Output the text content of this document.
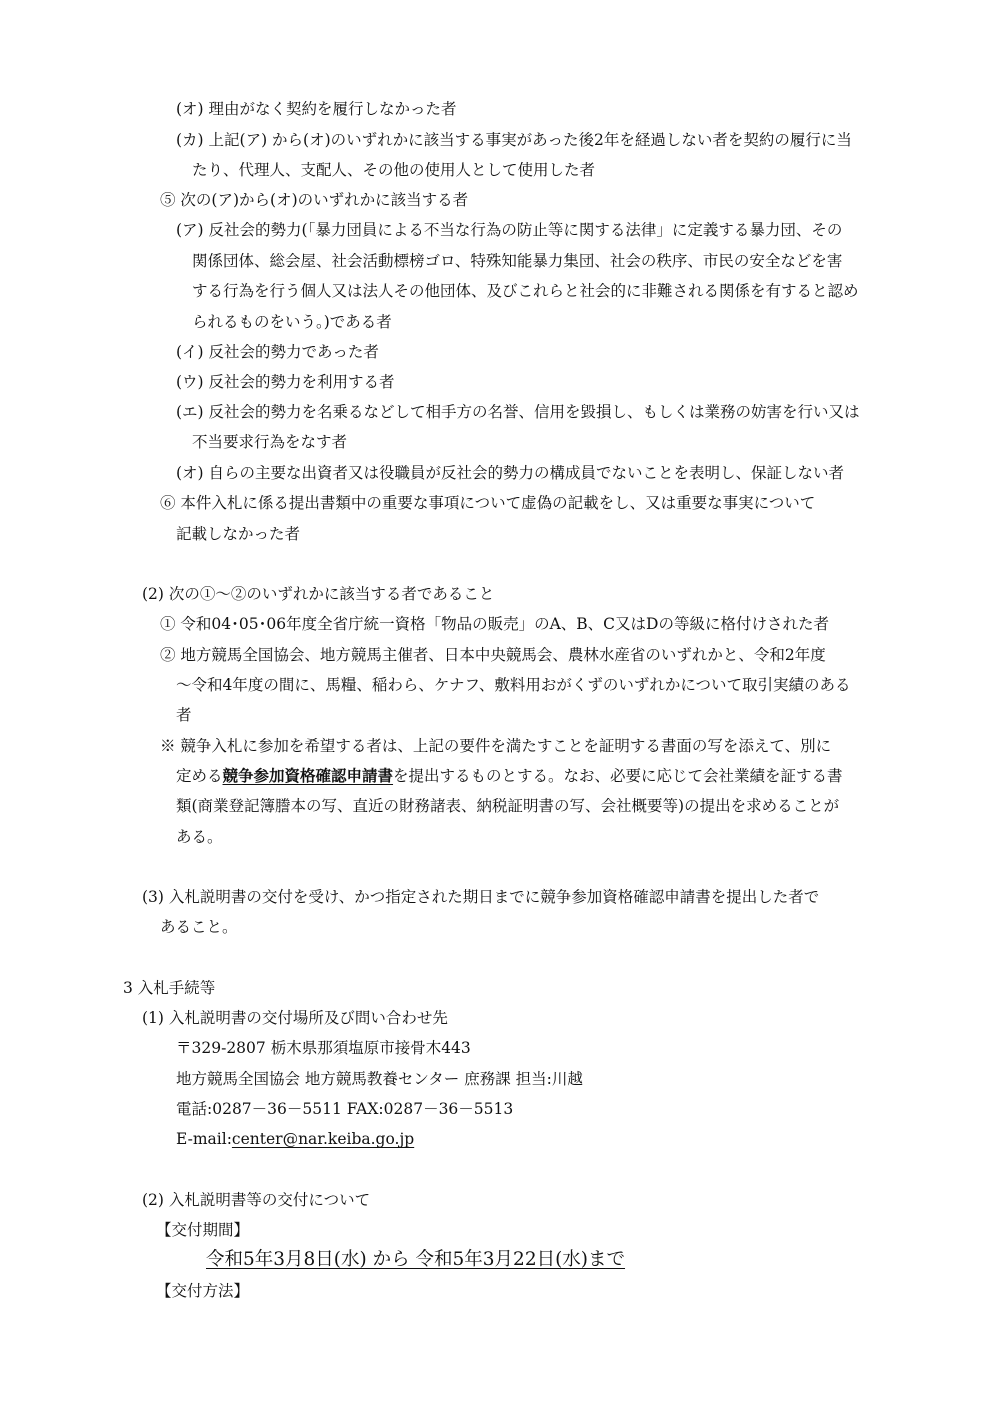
(オ) 理由がなく契約を履行しなかった者
(カ) 上記(ア) から(オ)のいずれかに該当する事実があった後2年を経過しない者を契約の履行に当
たり、代理人、支配人、その他の使用人として使用した者
⑤ 次の(ア)から(オ)のいずれかに該当する者
(ア) 反社会的勢力(「暴力団員による不当な行為の防止等に関する法律」に定義する暴力団、その
関係団体、総会屋、社会活動標榜ゴロ、特殊知能暴力集団、社会の秩序、市民の安全などを害
する行為を行う個人又は法人その他団体、及びこれらと社会的に非難される関係を有すると認め
られるものをいう。)である者
(イ) 反社会的勢力であった者
(ウ) 反社会的勢力を利用する者
(エ) 反社会的勢力を名乗るなどして相手方の名誉、信用を毀損し、もしくは業務の妨害を行い又は
不当要求行為をなす者
(オ) 自らの主要な出資者又は役職員が反社会的勢力の構成員でないことを表明し、保証しない者
⑥ 本件入札に係る提出書類中の重要な事項について虚偽の記載をし、又は重要な事実について
記載しなかった者
(2) 次の①～②のいずれかに該当する者であること
① 令和04･05･06年度全省庁統一資格「物品の販売」のA、B、C又はDの等級に格付けされた者
② 地方競馬全国協会、地方競馬主催者、日本中央競馬会、農林水産省のいずれかと、令和2年度
～令和4年度の間に、馬糧、稲わら、ケナフ、敷料用おがくずのいずれかについて取引実績のある
者
※ 競争入札に参加を希望する者は、上記の要件を満たすことを証明する書面の写を添えて、別に
定める競争参加資格確認申請書を提出するものとする。なお、必要に応じて会社業績を証する書
類(商業登記簿謄本の写、直近の財務諸表、納税証明書の写、会社概要等)の提出を求めることが
ある。
(3) 入札説明書の交付を受け、かつ指定された期日までに競争参加資格確認申請書を提出した者で
あること。
3 入札手続等
(1) 入札説明書の交付場所及び問い合わせ先
〒329-2807 栃木県那須塩原市接骨木443
地方競馬全国協会 地方競馬教養センター 庶務課 担当:川越
電話:0287－36－5511 FAX:0287－36－5513
E-mail:center@nar.keiba.go.jp
(2) 入札説明書等の交付について
【交付期間】
令和5年3月8日(水) から 令和5年3月22日(水)まで
【交付方法】
